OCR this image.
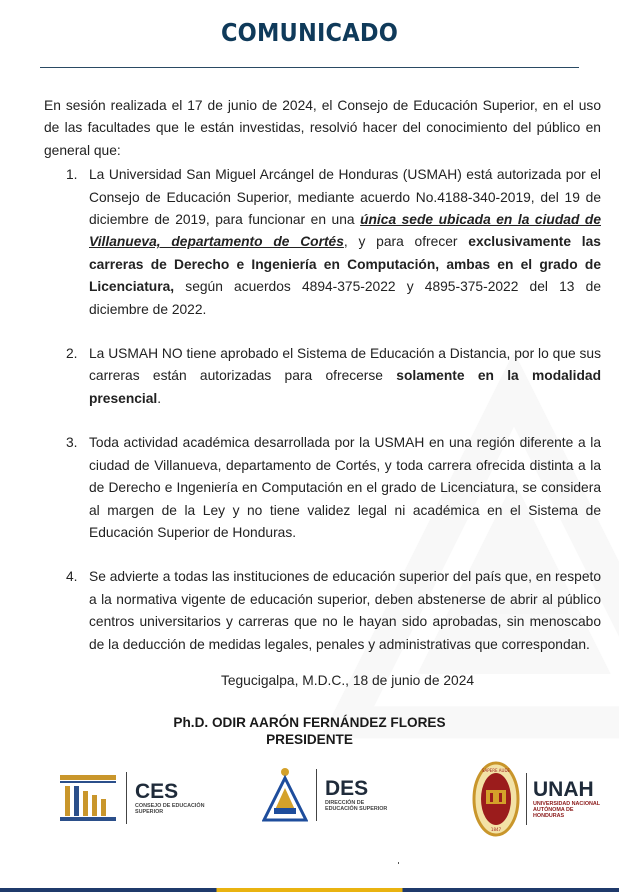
COMUNICADO

En sesión realizada el 17 de junio de 2024, el Consejo de Educación Superior, en el uso de las facultades que le están investidas, resolvió hacer del conocimiento del público en general que:

1. La Universidad San Miguel Arcángel de Honduras (USMAH) está autorizada por el Consejo de Educación Superior, mediante acuerdo No.4188-340-2019, del 19 de diciembre de 2019, para funcionar en una única sede ubicada en la ciudad de Villanueva, departamento de Cortés, y para ofrecer exclusivamente las carreras de Derecho e Ingeniería en Computación, ambas en el grado de Licenciatura, según acuerdos 4894-375-2022 y 4895-375-2022 del 13 de diciembre de 2022.
2. La USMAH NO tiene aprobado el Sistema de Educación a Distancia, por lo que sus carreras están autorizadas para ofrecerse solamente en la modalidad presencial.
3. Toda actividad académica desarrollada por la USMAH en una región diferente a la ciudad de Villanueva, departamento de Cortés, y toda carrera ofrecida distinta a la de Derecho e Ingeniería en Computación en el grado de Licenciatura, se considera al margen de la Ley y no tiene validez legal ni académica en el Sistema de Educación Superior de Honduras.
4. Se advierte a todas las instituciones de educación superior del país que, en respeto a la normativa vigente de educación superior, deben abstenerse de abrir al público centros universitarios y carreras que no le hayan sido aprobadas, sin menoscabo de la deducción de medidas legales, penales y administrativas que correspondan.

Tegucigalpa, M.D.C., 18 de junio de 2024

Ph.D. ODIR AARÓN FERNÁNDEZ FLORES
PRESIDENTE
CES
CONSEJO DE EDUCACIÓN SUPERIOR
DES
DIRECCIÓN DE EDUCACIÓN SUPERIOR
SAPERE AUDE
1847
UNAH
UNIVERSIDAD NACIONAL AUTÓNOMA DE HONDURAS
